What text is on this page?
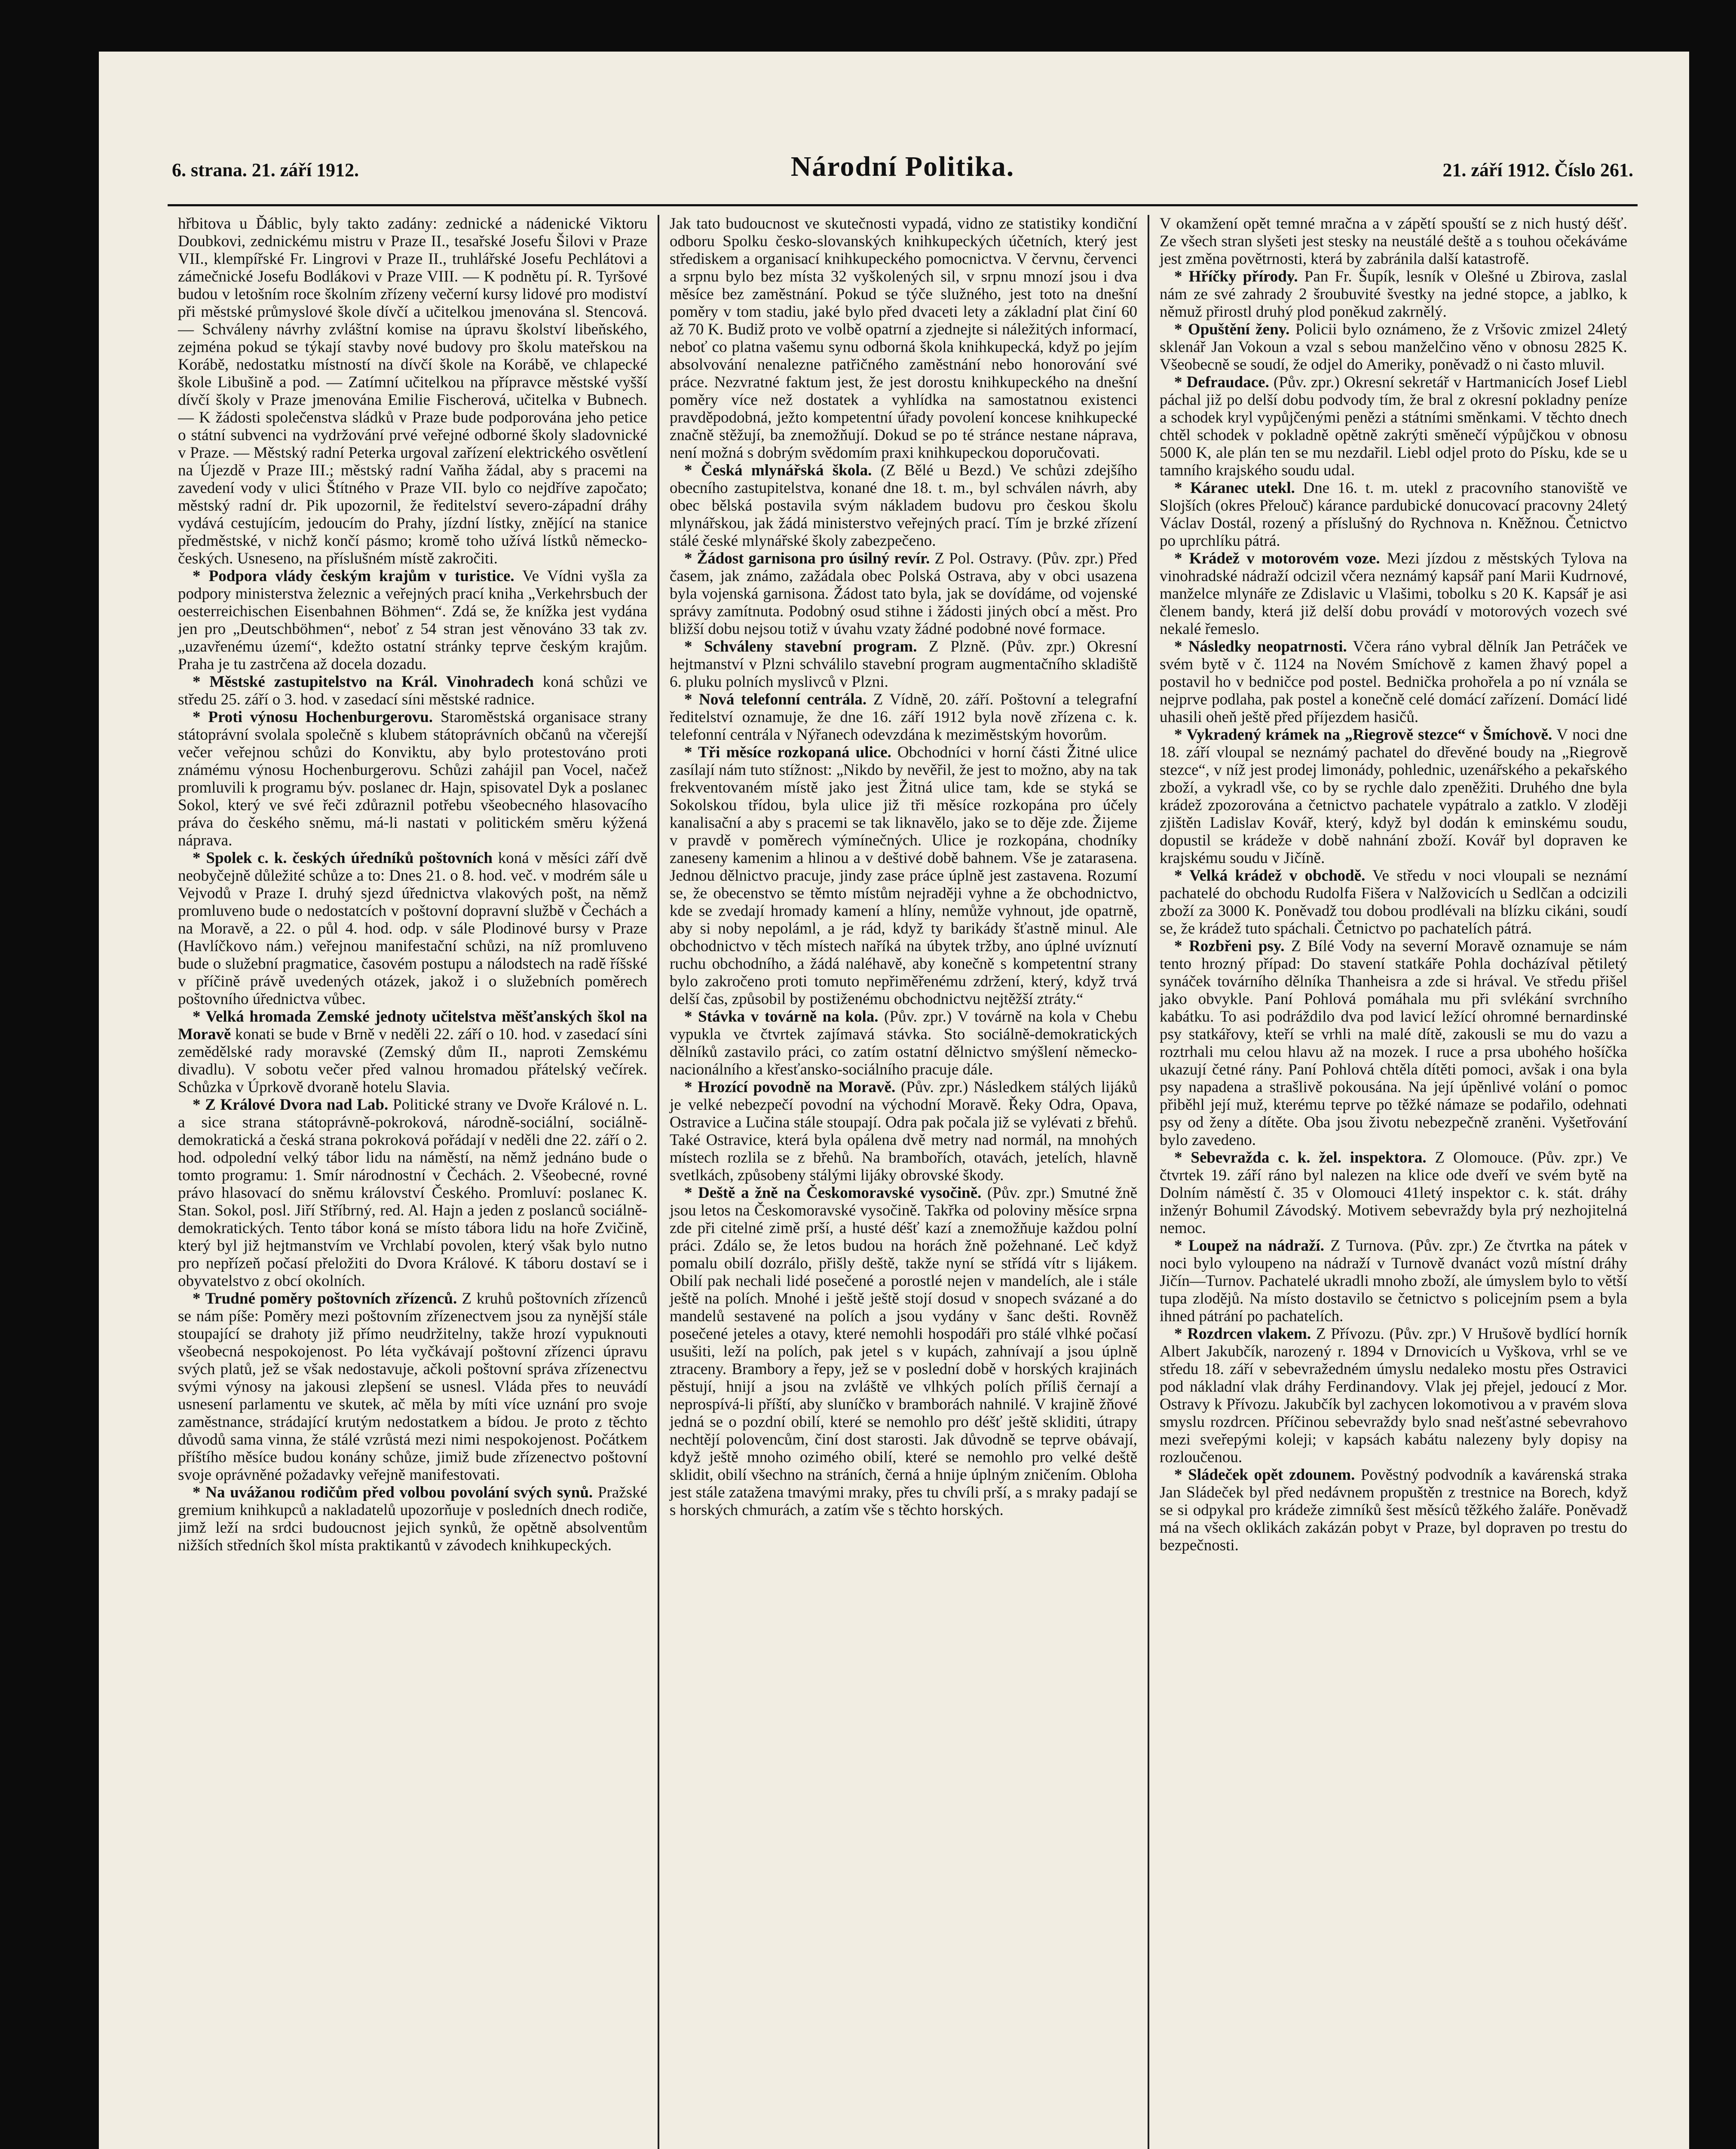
6. strana. 21. září 1912.	Národní Politika.	21. září 1912. Číslo 261.

hřbitova u Ďáblic, byly takto zadány: zednické a nádenické Viktoru Doubkovi, zednickému mistru v Praze II., tesařské Josefu Šilovi v Praze VII., klempířské Fr. Lingrovi v Praze II., truhlářské Josefu Pechlátovi a zámečnické Josefu Bodlákovi v Praze VIII. — K podnětu pí. R. Tyršové budou v letošním roce školním zřízeny večerní kursy lidové pro modiství při městské průmyslové škole dívčí a učitelkou jmenována sl. Stencová. — Schváleny návrhy zvláštní komise na úpravu školství libeňského, zejména pokud se týkají stavby nové budovy pro školu mateřskou na Korábě, nedostatku místností na dívčí škole na Korábě, ve chlapecké škole Libušině a pod. — Zatímní učitelkou na přípravce městské vyšší dívčí školy v Praze jmenována Emilie Fischerová, učitelka v Bubnech. — K žádosti společenstva sládků v Praze bude podporována jeho petice o státní subvenci na vydržování prvé veřejné odborné školy sladovnické v Praze. — Městský radní Peterka urgoval zařízení elektrického osvětlení na Újezdě v Praze III.; městský radní Vaňha žádal, aby s pracemi na zavedení vody v ulici Štítného v Praze VII. bylo co nejdříve započato; městský radní dr. Pik upozornil, že ředitelství severo-západní dráhy vydává cestujícím, jedoucím do Prahy, jízdní lístky, znějící na stanice předměstské, v nichž končí pásmo; kromě toho užívá lístků německo-českých. Usneseno, na příslušném místě zakročiti.

* Podpora vlády českým krajům v turistice. Ve Vídni vyšla za podpory ministerstva železnic a veřejných prací kniha „Verkehrsbuch der oesterreichischen Eisenbahnen Böhmen“. Zdá se, že knížka jest vydána jen pro „Deutschböhmen“, neboť z 54 stran jest věnováno 33 tak zv. „uzavřenému území“, kdežto ostatní stránky teprve českým krajům. Praha je tu zastrčena až docela dozadu.

* Městské zastupitelstvo na Král. Vinohradech koná schůzi ve středu 25. září o 3. hod. v zasedací síni městské radnice.

* Proti výnosu Hochenburgerovu. Staroměstská organisace strany státoprávní svolala společně s klubem státoprávních občanů na včerejší večer veřejnou schůzi do Konviktu, aby bylo protestováno proti známému výnosu Hochenburgerovu. Schůzi zahájil pan Vocel, načež promluvili k programu býv. poslanec dr. Hajn, spisovatel Dyk a poslanec Sokol, který ve své řeči zdůraznil potřebu všeobecného hlasovacího práva do českého sněmu, má-li nastati v politickém směru kýžená náprava.

* Spolek c. k. českých úředníků poštovních koná v měsíci září dvě neobyčejně důležité schůze a to: Dnes 21. o 8. hod. več. v modrém sále u Vejvodů v Praze I. druhý sjezd úřednictva vlakových pošt, na němž promluveno bude o nedostatcích v poštovní dopravní službě v Čechách a na Moravě, a 22. o půl 4. hod. odp. v sále Plodinové bursy v Praze (Havlíčkovo nám.) veřejnou manifestační schůzi, na níž promluveno bude o služební pragmatice, časovém postupu a nálodstech na radě říšské v příčině právě uvedených otázek, jakož i o služebních poměrech poštovního úřednictva vůbec.

* Velká hromada Zemské jednoty učitelstva měšťanských škol na Moravě konati se bude v Brně v neděli 22. září o 10. hod. v zasedací síni zemědělské rady moravské (Zemský dům II., naproti Zemskému divadlu). V sobotu večer před valnou hromadou přátelský večírek. Schůzka v Úprkově dvoraně hotelu Slavia.

* Z Králové Dvora nad Lab. Politické strany ve Dvoře Králové n. L. a sice strana státoprávně-pokroková, národně-sociální, sociálně-demokratická a česká strana pokroková pořádají v neděli dne 22. září o 2. hod. odpolední velký tábor lidu na náměstí, na němž jednáno bude o tomto programu: 1. Smír národnostní v Čechách. 2. Všeobecné, rovné právo hlasovací do sněmu království Českého. Promluví: poslanec K. Stan. Sokol, posl. Jiří Stříbrný, red. Al. Hajn a jeden z poslanců sociálně-demokratických. Tento tábor koná se místo tábora lidu na hoře Zvičině, který byl již hejtmanstvím ve Vrchlabí povolen, který však bylo nutno pro nepřízeň počasí přeložiti do Dvora Králové. K táboru dostaví se i obyvatelstvo z obcí okolních.

* Trudné poměry poštovních zřízenců. Z kruhů poštovních zřízenců se nám píše: Poměry mezi poštovním zřízenectvem jsou za nynější stále stoupající se drahoty již přímo neudržitelny, takže hrozí vypuknouti všeobecná nespokojenost. Po léta vyčkávají poštovní zřízenci úpravu svých platů, jež se však nedostavuje, ačkoli poštovní správa zřízenectvu svými výnosy na jakousi zlepšení se usnesl. Vláda přes to neuvádí usnesení parlamentu ve skutek, ač měla by míti více uznání pro svoje zaměstnance, strádající krutým nedostatkem a bídou. Je proto z těchto důvodů sama vinna, že stálé vzrůstá mezi nimi nespokojenost. Počátkem příštího měsíce budou konány schůze, jimiž bude zřízenectvo poštovní svoje oprávněné požadavky veřejně manifestovati.

* Na uvážanou rodičům před volbou povolání svých synů. Pražské gremium knihkupců a nakladatelů upozorňuje v posledních dnech rodiče, jimž leží na srdci budoucnost jejich synků, že opětně absolventům nižších středních škol místa praktikantů v závodech knihkupeckých.

Jak tato budoucnost ve skutečnosti vypadá, vidno ze statistiky kondiční odboru Spolku česko-slovanských knihkupeckých účetních, který jest střediskem a organisací knihkupeckého pomocnictva. V červnu, červenci a srpnu bylo bez místa 32 vyškolených sil, v srpnu mnozí jsou i dva měsíce bez zaměstnání. Pokud se týče služného, jest toto na dnešní poměry v tom stadiu, jaké bylo před dvaceti lety a základní plat činí 60 až 70 K. Budiž proto ve volbě opatrní a zjednejte si náležitých informací, neboť co platna vašemu synu odborná škola knihkupecká, když po jejím absolvování nenalezne patřičného zaměstnání nebo honorování své práce. Nezvratné faktum jest, že jest dorostu knihkupeckého na dnešní poměry více než dostatek a vyhlídka na samostatnou existenci pravděpodobná, ježto kompetentní úřady povolení koncese knihkupecké značně stěžují, ba znemožňují. Dokud se po té stránce nestane náprava, není možná s dobrým svědomím praxi knihkupeckou doporučovati.

* Česká mlynářská škola. (Z Bělé u Bezd.) Ve schůzi zdejšího obecního zastupitelstva, konané dne 18. t. m., byl schválen návrh, aby obec bělská postavila svým nákladem budovu pro českou školu mlynářskou, jak žádá ministerstvo veřejných prací. Tím je brzké zřízení stálé české mlynářské školy zabezpečeno.

* Žádost garnisona pro úsilný revír. Z Pol. Ostravy. (Pův. zpr.) Před časem, jak známo, zažádala obec Polská Ostrava, aby v obci usazena byla vojenská garnisona. Žádost tato byla, jak se dovídáme, od vojenské správy zamítnuta. Podobný osud stihne i žádosti jiných obcí a měst. Pro bližší dobu nejsou totiž v úvahu vzaty žádné podobné nové formace.

* Schváleny stavební program. Z Plzně. (Pův. zpr.) Okresní hejtmanství v Plzni schválilo stavební program augmentačního skladiště 6. pluku polních myslivců v Plzni.

* Nová telefonní centrála. Z Vídně, 20. září. Poštovní a telegrafní ředitelství oznamuje, že dne 16. září 1912 byla nově zřízena c. k. telefonní centrála v Nýřanech odevzdána k meziměstským hovorům.

* Tři měsíce rozkopaná ulice. Obchodníci v horní části Žitné ulice zasílají nám tuto stížnost: „Nikdo by nevěřil, že jest to možno, aby na tak frekventovaném místě jako jest Žitná ulice tam, kde se styká se Sokolskou třídou, byla ulice již tři měsíce rozkopána pro účely kanalisační a aby s pracemi se tak liknavělo, jako se to děje zde. Žijeme v pravdě v poměrech výmínečných. Ulice je rozkopána, chodníky zaneseny kamenim a hlinou a v deštivé době bahnem. Vše je zatarasena. Jednou dělnictvo pracuje, jindy zase práce úplně jest zastavena. Rozumí se, že obecenstvo se těmto místům nejraději vyhne a že obchodnictvo, kde se zvedají hromady kamení a hlíny, nemůže vyhnout, jde opatrně, aby si noby nepoláml, a je rád, když ty barikády šťastně minul. Ale obchodnictvo v těch místech naříká na úbytek tržby, ano úplné uvíznutí ruchu obchodního, a žádá naléhavě, aby konečně s kompetentní strany bylo zakročeno proti tomuto nepřiměřenému zdržení, který, když trvá delší čas, způsobil by postiženému obchodnictvu nejtěžší ztráty.“

* Stávka v továrně na kola. (Pův. zpr.) V továrně na kola v Chebu vypukla ve čtvrtek zajímavá stávka. Sto sociálně-demokratických dělníků zastavilo práci, co zatím ostatní dělnictvo smýšlení německo-nacionálního a křesťansko-sociálního pracuje dále.

* Hrozící povodně na Moravě. (Pův. zpr.) Následkem stálých lijáků je velké nebezpečí povodní na východní Moravě. Řeky Odra, Opava, Ostravice a Lučina stále stoupají. Odra pak počala již se vylévati z břehů. Také Ostravice, která byla opálena dvě metry nad normál, na mnohých místech rozlila se z břehů. Na brambořích, otavách, jetelích, hlavně svetlkách, způsobeny stálými lijáky obrovské škody.

* Deště a žně na Českomoravské vysočině. (Pův. zpr.) Smutné žně jsou letos na Českomoravské vysočině. Takřka od poloviny měsíce srpna zde při citelné zimě prší, a husté déšť kazí a znemožňuje každou polní práci. Zdálo se, že letos budou na horách žně požehnané. Leč když pomalu obilí dozrálo, přišly deště, takže nyní se střídá vítr s lijákem. Obilí pak nechali lidé posečené a porostlé nejen v mandelích, ale i stále ještě na polích. Mnohé i ještě ještě stojí dosud v snopech svázané a do mandelů sestavené na polích a jsou vydány v šanc dešti. Rovněž posečené jeteles a otavy, které nemohli hospodáři pro stálé vlhké počasí usušiti, leží na polích, pak jetel s v kupách, zahnívají a jsou úplně ztraceny. Brambory a řepy, jež se v poslední době v horských krajinách pěstují, hnijí a jsou na zvláště ve vlhkých polích příliš černají a neprospívá-li příští, aby sluníčko v bramborách nahnilé. V krajině žňové jedná se o pozdní obilí, které se nemohlo pro déšť ještě skliditi, útrapy nechtějí polovencům, činí dost starosti. Jak důvodně se teprve obávají, když ještě mnoho ozimého obilí, které se nemohlo pro velké deště sklidit, obilí všechno na stráních, černá a hnije úplným zničením. Obloha jest stále zatažena tmavými mraky, přes tu chvíli prší, a s mraky padají se s horských chmurách, a zatím vše s těchto horských.

V okamžení opět temné mračna a v zápětí spouští se z nich hustý déšť. Ze všech stran slyšeti jest stesky na neustálé deště a s touhou očekáváme jest změna povětrnosti, která by zabránila další katastrofě.

* Hříčky přírody. Pan Fr. Šupík, lesník v Olešné u Zbirova, zaslal nám ze své zahrady 2 šroubuvité švestky na jedné stopce, a jablko, k němuž přirostl druhý plod poněkud zakrnělý.

* Opuštění ženy. Policii bylo oznámeno, že z Vršovic zmizel 24letý sklenář Jan Vokoun a vzal s sebou manželčino věno v obnosu 2825 K. Všeobecně se soudí, že odjel do Ameriky, poněvadž o ni často mluvil.

* Defraudace. (Pův. zpr.) Okresní sekretář v Hartmanicích Josef Liebl páchal již po delší dobu podvody tím, že bral z okresní pokladny peníze a schodek kryl vypůjčenými penězi a státními směnkami. V těchto dnech chtěl schodek v pokladně opětně zakrýti směnečí výpůjčkou v obnosu 5000 K, ale plán ten se mu nezdařil. Liebl odjel proto do Písku, kde se u tamního krajského soudu udal.

* Káranec utekl. Dne 16. t. m. utekl z pracovního stanoviště ve Slojších (okres Přelouč) kárance pardubické donucovací pracovny 24letý Václav Dostál, rozený a příslušný do Rychnova n. Kněžnou. Četnictvo po uprchlíku pátrá.

* Krádež v motorovém voze. Mezi jízdou z městských Tylova na vinohradské nádraží odcizil včera neznámý kapsář paní Marii Kudrnové, manželce mlynáře ze Zdislavic u Vlašimi, tobolku s 20 K. Kapsář je asi členem bandy, která již delší dobu provádí v motorových vozech své nekalé řemeslo.

* Následky neopatrnosti. Včera ráno vybral dělník Jan Petráček ve svém bytě v č. 1124 na Novém Smíchově z kamen žhavý popel a postavil ho v bedničce pod postel. Bednička prohořela a po ní vznála se nejprve podlaha, pak postel a konečně celé domácí zařízení. Domácí lidé uhasili oheň ještě před příjezdem hasičů.

* Vykradený krámek na „Riegrově stezce“ v Šmíchově. V noci dne 18. září vloupal se neznámý pachatel do dřevěné boudy na „Riegrově stezce“, v níž jest prodej limonády, pohlednic, uzenářského a pekařského zboží, a vykradl vše, co by se rychle dalo zpeněžiti. Druhého dne byla krádež zpozorována a četnictvo pachatele vypátralo a zatklo. V zloději zjištěn Ladislav Kovář, který, když byl dodán k eminskému soudu, dopustil se krádeže v době nahnání zboží. Kovář byl dopraven ke krajskému soudu v Jičíně.

* Velká krádež v obchodě. Ve středu v noci vloupali se neznámí pachatelé do obchodu Rudolfa Fišera v Nalžovicích u Sedlčan a odcizili zboží za 3000 K. Poněvadž tou dobou prodlévali na blízku cikáni, soudí se, že krádež tuto spáchali. Četnictvo po pachatelích pátrá.

* Rozbřeni psy. Z Bílé Vody na severní Moravě oznamuje se nám tento hrozný případ: Do stavení statkáře Pohla docházíval pětiletý synáček továrního dělníka Thanheisra a zde si hrával. Ve středu přišel jako obvykle. Paní Pohlová pomáhala mu při svlékání svrchního kabátku. To asi podráždilo dva pod lavicí ležící ohromné bernardinské psy statkářovy, kteří se vrhli na malé dítě, zakousli se mu do vazu a roztrhali mu celou hlavu až na mozek. I ruce a prsa ubohého hošíčka ukazují četné rány. Paní Pohlová chtěla dítěti pomoci, avšak i ona byla psy napadena a strašlivě pokousána. Na její úpěnlivé volání o pomoc přiběhl její muž, kterému teprve po těžké námaze se podařilo, odehnati psy od ženy a dítěte. Oba jsou životu nebezpečně zraněni. Vyšetřování bylo zavedeno.

* Sebevražda c. k. žel. inspektora. Z Olomouce. (Pův. zpr.) Ve čtvrtek 19. září ráno byl nalezen na klice ode dveří ve svém bytě na Dolním náměstí č. 35 v Olomouci 41letý inspektor c. k. stát. dráhy inženýr Bohumil Závodský. Motivem sebevraždy byla prý nezhojitelná nemoc.

* Loupež na nádraží. Z Turnova. (Pův. zpr.) Ze čtvrtka na pátek v noci bylo vyloupeno na nádraží v Turnově dvanáct vozů místní dráhy Jičín—Turnov. Pachatelé ukradli mnoho zboží, ale úmyslem bylo to větší tupa zlodějů. Na místo dostavilo se četnictvo s policejním psem a byla ihned pátrání po pachatelích.

* Rozdrcen vlakem. Z Přívozu. (Pův. zpr.) V Hrušově bydlící horník Albert Jakubčík, narozený r. 1894 v Drnovicích u Vyškova, vrhl se ve středu 18. září v sebevražedném úmyslu nedaleko mostu přes Ostravici pod nákladní vlak dráhy Ferdinandovy. Vlak jej přejel, jedoucí z Mor. Ostravy k Přívozu. Jakubčík byl zachycen lokomotivou a v pravém slova smyslu rozdrcen. Příčinou sebevraždy bylo snad nešťastné sebevrahovo mezi sveřepými koleji; v kapsách kabátu nalezeny byly dopisy na rozloučenou.

* Sládeček opět zdounem. Pověstný podvodník a kavárenská straka Jan Sládeček byl před nedávnem propuštěn z trestnice na Borech, když se si odpykal pro krádeže zimníků šest měsíců těžkého žaláře. Poněvadž má na všech oklikách zakázán pobyt v Praze, byl dopraven po trestu do bezpečnosti.
